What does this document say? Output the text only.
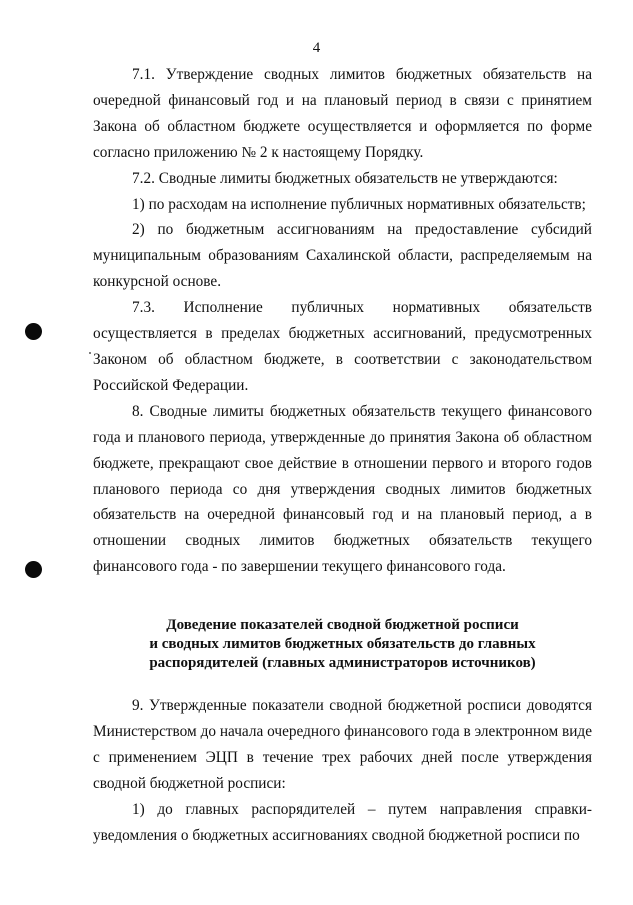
4

7.1. Утверждение сводных лимитов бюджетных обязательств на очередной финансовый год и на плановый период в связи с принятием Закона об областном бюджете осуществляется и оформляется по форме согласно приложению № 2 к настоящему Порядку.

7.2. Сводные лимиты бюджетных обязательств не утверждаются:

1) по расходам на исполнение публичных нормативных обязательств;

2) по бюджетным ассигнованиям на предоставление субсидий муниципальным образованиям Сахалинской области, распределяемым на конкурсной основе.

7.3. Исполнение публичных нормативных обязательств осуществляется в пределах бюджетных ассигнований, предусмотренных Законом об областном бюджете, в соответствии с законодательством Российской Федерации.

8. Сводные лимиты бюджетных обязательств текущего финансового года и планового периода, утвержденные до принятия Закона об областном бюджете, прекращают свое действие в отношении первого и второго годов планового периода со дня утверждения сводных лимитов бюджетных обязательств на очередной финансовый год и на плановый период, а в отношении сводных лимитов бюджетных обязательств текущего финансового года - по завершении текущего финансового года.

Доведение показателей сводной бюджетной росписи
и сводных лимитов бюджетных обязательств до главных
распорядителей (главных администраторов источников)

9. Утвержденные показатели сводной бюджетной росписи доводятся Министерством до начала очередного финансового года в электронном виде с применением ЭЦП в течение трех рабочих дней после утверждения сводной бюджетной росписи:

1) до главных распорядителей – путем направления справки-уведомления о бюджетных ассигнованиях сводной бюджетной росписи по
